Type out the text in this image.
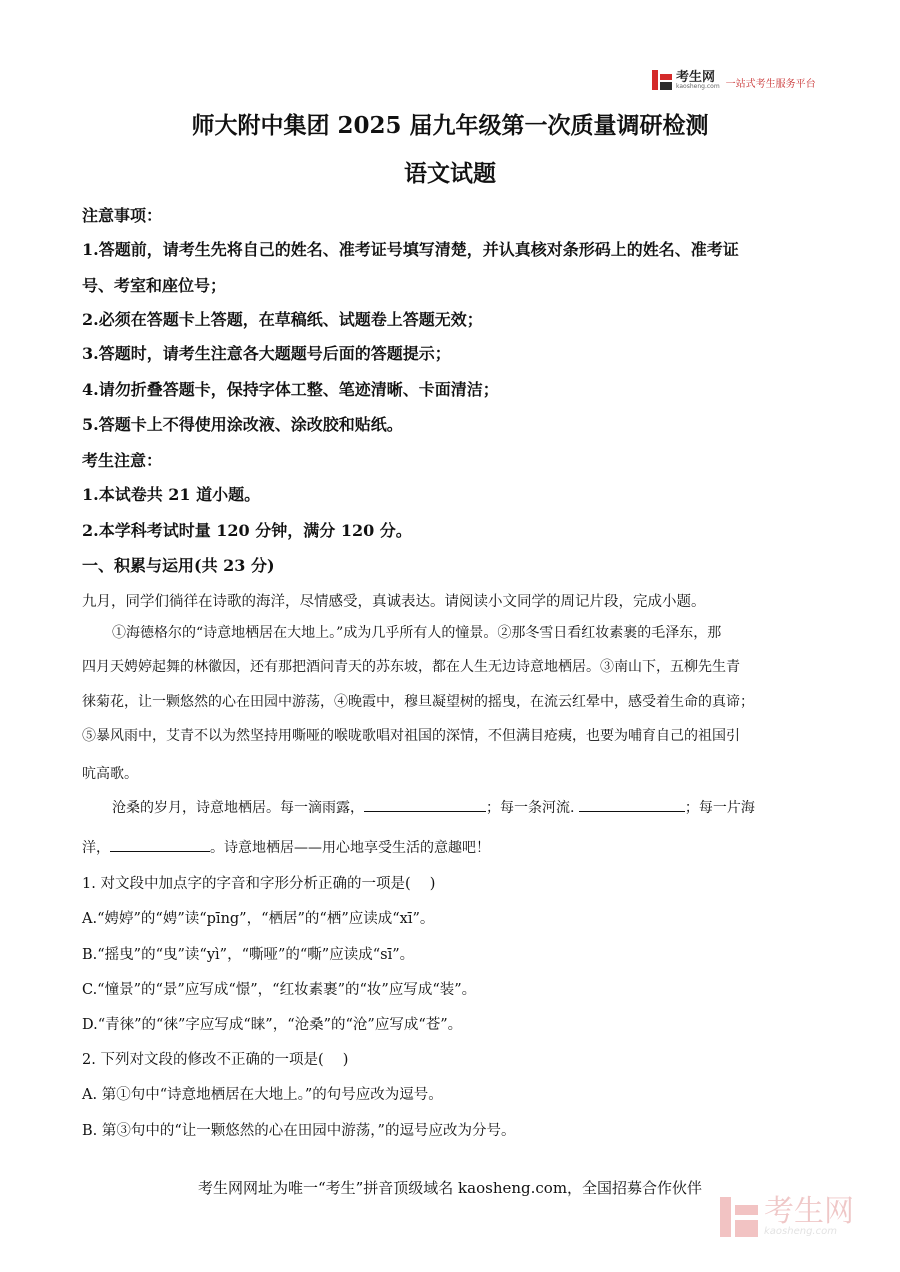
考生网
kaosheng.com 一站式考生服务平台
师大附中集团 2025 届九年级第一次质量调研检测
语文试题

注意事项：

1.答题前，请考生先将自己的姓名、准考证号填写清楚，并认真核对条形码上的姓名、准考证

号、考室和座位号；

2.必须在答题卡上答题，在草稿纸、试题卷上答题无效；

3.答题时，请考生注意各大题题号后面的答题提示；

4.请勿折叠答题卡，保持字体工整、笔迹清晰、卡面清洁；

5.答题卡上不得使用涂改液、涂改胶和贴纸。

考生注意：

1.本试卷共 21 道小题。

2.本学科考试时量 120 分钟，满分 120 分。

一、积累与运用(共 23 分)

九月，同学们徜徉在诗歌的海洋，尽情感受，真诚表达。请阅读小文同学的周记片段，完成小题。

①海德格尔的“诗意地栖居在大地上。”成为几乎所有人的憧景。②那冬雪日看红妆素裹的毛泽东，那

四月天娉婷起舞的林徽因，还有那把酒问青天的苏东坡，都在人生无边诗意地栖居。③南山下，五柳先生青

徕菊花，让一颗悠然的心在田园中游荡，④晚霞中，穆旦凝望树的摇曳，在流云红晕中，感受着生命的真谛；

⑤暴风雨中，艾青不以为然坚持用嘶哑的喉咙歌唱对祖国的深情，不但满目疮痍，也要为哺育自己的祖国引

吭高歌。

沧桑的岁月，诗意地栖居。每一滴雨露，	；每一条河流.	；每一片海

洋，	。诗意地栖居——用心地享受生活的意趣吧！

1. 对文段中加点字的字音和字形分析正确的一项是(　 )

A.“娉婷”的“娉”读“pīng”，“栖居”的“栖”应读成“xī”。

B.“摇曳”的“曳”读“yì”，“嘶哑”的“嘶”应读成“sī”。

C.“憧景”的“景”应写成“憬”，“红妆素裹”的“妆”应写成“装”。

D.“青徕”的“徕”字应写成“睐”，“沧桑”的“沧”应写成“苍”。

2. 下列对文段的修改不正确的一项是(　 )

A. 第①句中“诗意地栖居在大地上。”的句号应改为逗号。

B. 第③句中的“让一颗悠然的心在田园中游荡，”的逗号应改为分号。

考生网网址为唯一“考生”拼音顶级域名 kaosheng.com，全国招募合作伙伴

考生网
kaosheng.com
